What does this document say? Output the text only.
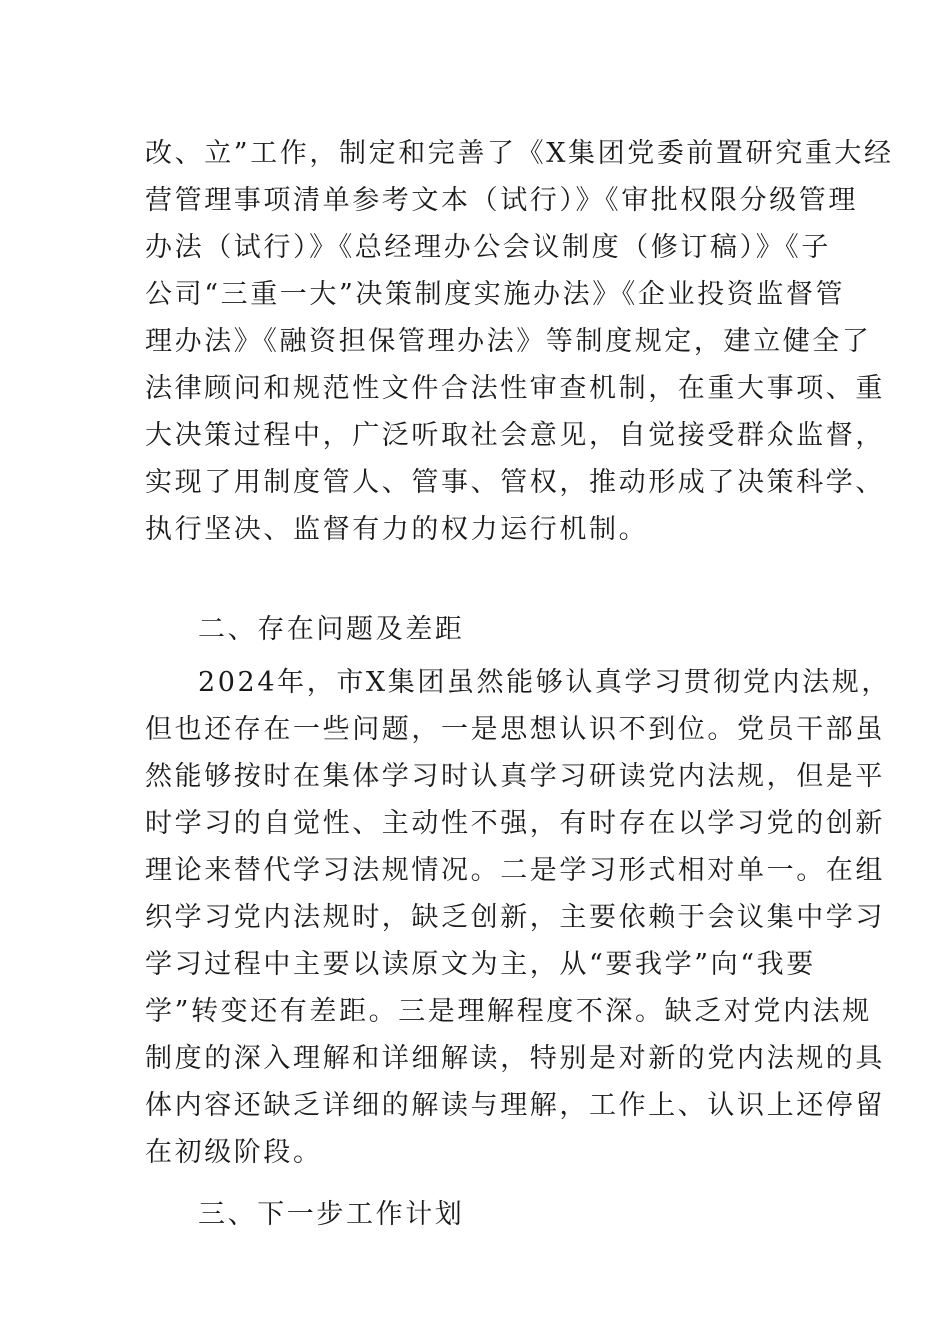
改、立”工作，制定和完善了《X集团党委前置研究重大经
营管理事项清单参考文本（试行）》《审批权限分级管理
办法（试行）》《总经理办公会议制度（修订稿）》《子
公司“三重一大”决策制度实施办法》《企业投资监督管
理办法》《融资担保管理办法》等制度规定，建立健全了
法律顾问和规范性文件合法性审查机制，在重大事项、重
大决策过程中，广泛听取社会意见，自觉接受群众监督，
实现了用制度管人、管事、管权，推动形成了决策科学、
执行坚决、监督有力的权力运行机制。
二、存在问题及差距
2024年，市X集团虽然能够认真学习贯彻党内法规，
但也还存在一些问题，一是思想认识不到位。党员干部虽
然能够按时在集体学习时认真学习研读党内法规，但是平
时学习的自觉性、主动性不强，有时存在以学习党的创新
理论来替代学习法规情况。二是学习形式相对单一。在组
织学习党内法规时，缺乏创新，主要依赖于会议集中学习
学习过程中主要以读原文为主，从“要我学”向“我要
学”转变还有差距。三是理解程度不深。缺乏对党内法规
制度的深入理解和详细解读，特别是对新的党内法规的具
体内容还缺乏详细的解读与理解，工作上、认识上还停留
在初级阶段。
三、下一步工作计划
